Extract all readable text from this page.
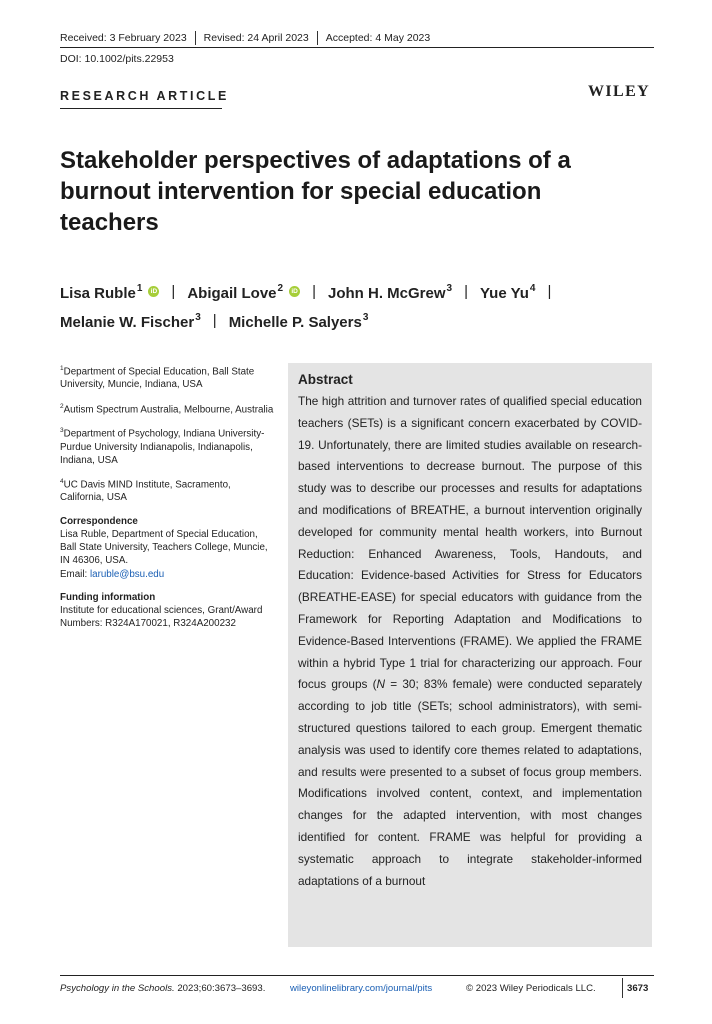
Received: 3 February 2023	Revised: 24 April 2023	Accepted: 4 May 2023
DOI: 10.1002/pits.22953
RESEARCH ARTICLE	WILEY
Stakeholder perspectives of adaptations of a burnout intervention for special education teachers
Lisa Ruble$^1$	iD | Abigail Love$^2$	iD | John H. McGrew$^3$ | Yue Yu$^4$ |
Melanie W. Fischer$^3$ | Michelle P. Salyers$^3$
$^1$Department of Special Education, Ball State University, Muncie, Indiana, USA
$^2$Autism Spectrum Australia, Melbourne, Australia
$^3$Department of Psychology, Indiana University-Purdue University Indianapolis, Indianapolis, Indiana, USA
$^4$UC Davis MIND Institute, Sacramento, California, USA
Correspondence
Lisa Ruble, Department of Special Education, Ball State University, Teachers College, Muncie, IN 46306, USA.
Email: laruble@bsu.edu
Funding information
Institute for educational sciences, Grant/Award Numbers: R324A170021, R324A200232
Abstract
The high attrition and turnover rates of qualified special education teachers (SETs) is a significant concern exacerbated by COVID-19. Unfortunately, there are limited studies available on research-based interventions to decrease burnout. The purpose of this study was to describe our processes and results for adaptations and modifications of BREATHE, a burnout intervention originally developed for community mental health workers, into Burnout Reduction: Enhanced Awareness, Tools, Handouts, and Education: Evidence-based Activities for Stress for Educators (BREATHE-EASE) for special educators with guidance from the Framework for Reporting Adaptation and Modifications to Evidence-Based Interventions (FRAME). We applied the FRAME within a hybrid Type 1 trial for characterizing our approach. Four focus groups (N = 30; 83% female) were conducted separately according to job title (SETs; school administrators), with semi-structured questions tailored to each group. Emergent thematic analysis was used to identify core themes related to adaptations, and results were presented to a subset of focus group members. Modifications involved content, context, and implementation changes for the adapted intervention, with most changes identified for content. FRAME was helpful for providing a systematic approach to integrate stakeholder-informed adaptations of a burnout
Psychology in the Schools. 2023;60:3673–3693.	wileyonlinelibrary.com/journal/pits	© 2023 Wiley Periodicals LLC.	3673
